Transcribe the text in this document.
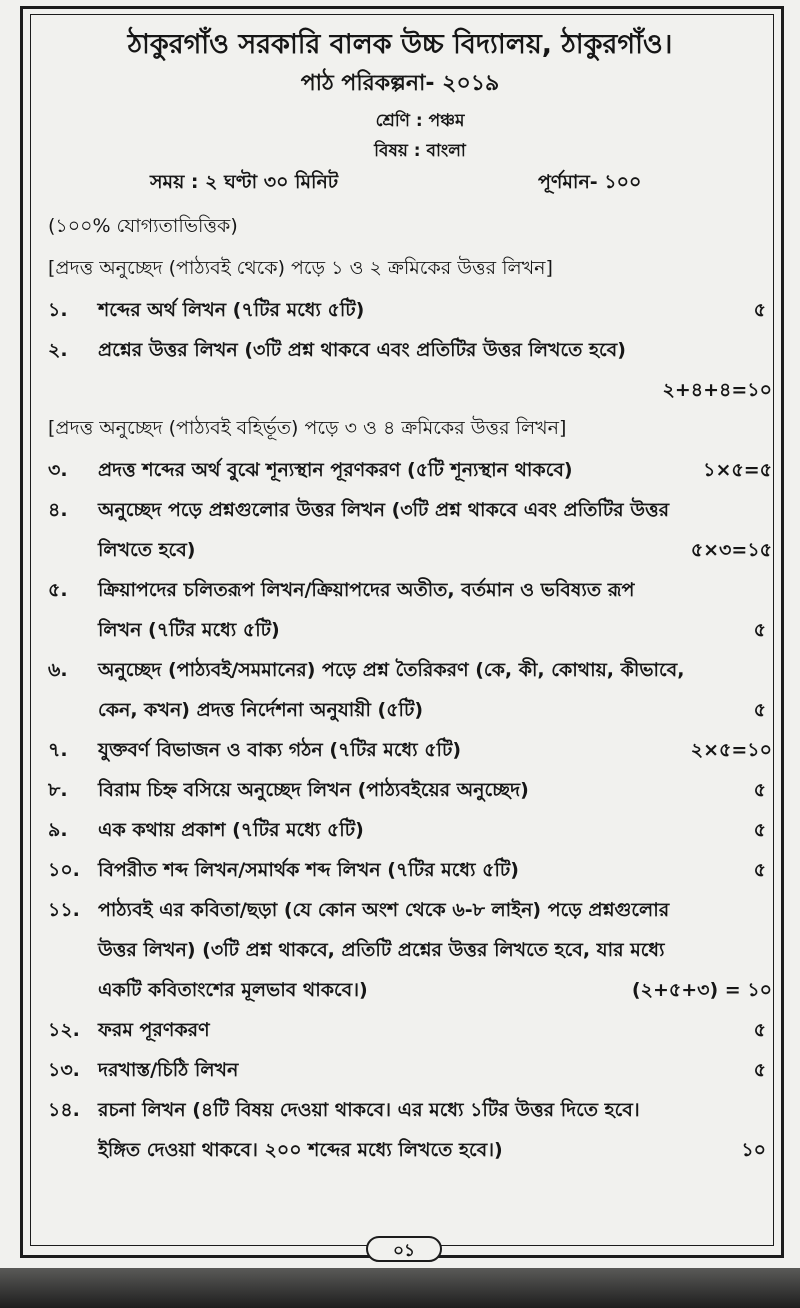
ঠাকুরগাঁও সরকারি বালক উচ্চ বিদ্যালয়, ঠাকুরগাঁও।
পাঠ পরিকল্পনা- ২০১৯
শ্রেণি : পঞ্চম
বিষয় : বাংলা
সময় : ২ ঘণ্টা ৩০ মিনিট	পূর্ণমান- ১০০
(১০০% যোগ্যতাভিত্তিক)
[প্রদত্ত অনুচ্ছেদ (পাঠ্যবই থেকে) পড়ে ১ ও ২ ক্রমিকের উত্তর লিখন]
১. শব্দের অর্থ লিখন (৭টির মধ্যে ৫টি)	৫
২. প্রশ্নের উত্তর লিখন (৩টি প্রশ্ন থাকবে এবং প্রতিটির উত্তর লিখতে হবে)
২+৪+৪=১০
[প্রদত্ত অনুচ্ছেদ (পাঠ্যবই বহির্ভূত) পড়ে ৩ ও ৪ ক্রমিকের উত্তর লিখন]
৩. প্রদত্ত শব্দের অর্থ বুঝে শূন্যস্থান পূরণকরণ (৫টি শূন্যস্থান থাকবে)	১×৫=৫
৪. অনুচ্ছেদ পড়ে প্রশ্নগুলোর উত্তর লিখন (৩টি প্রশ্ন থাকবে এবং প্রতিটির উত্তর
লিখতে হবে)	৫×৩=১৫
৫. ক্রিয়াপদের চলিতরূপ লিখন/ক্রিয়াপদের অতীত, বর্তমান ও ভবিষ্যত রূপ
লিখন (৭টির মধ্যে ৫টি)	৫
৬. অনুচ্ছেদ (পাঠ্যবই/সমমানের) পড়ে প্রশ্ন তৈরিকরণ (কে, কী, কোথায়, কীভাবে,
কেন, কখন) প্রদত্ত নির্দেশনা অনুযায়ী (৫টি)	৫
৭. যুক্তবর্ণ বিভাজন ও বাক্য গঠন (৭টির মধ্যে ৫টি)	২×৫=১০
৮. বিরাম চিহ্ন বসিয়ে অনুচ্ছেদ লিখন (পাঠ্যবইয়ের অনুচ্ছেদ)	৫
৯. এক কথায় প্রকাশ (৭টির মধ্যে ৫টি)	৫
১০. বিপরীত শব্দ লিখন/সমার্থক শব্দ লিখন (৭টির মধ্যে ৫টি)	৫
১১. পাঠ্যবই এর কবিতা/ছড়া (যে কোন অংশ থেকে ৬-৮ লাইন) পড়ে প্রশ্নগুলোর
উত্তর লিখন) (৩টি প্রশ্ন থাকবে, প্রতিটি প্রশ্নের উত্তর লিখতে হবে, যার মধ্যে
একটি কবিতাংশের মূলভাব থাকবে।)	(২+৫+৩) = ১০
১২. ফরম পূরণকরণ	৫
১৩. দরখাস্ত/চিঠি লিখন	৫
১৪. রচনা লিখন (৪টি বিষয় দেওয়া থাকবে। এর মধ্যে ১টির উত্তর দিতে হবে।
ইঙ্গিত দেওয়া থাকবে। ২০০ শব্দের মধ্যে লিখতে হবে।)	১০
০১
